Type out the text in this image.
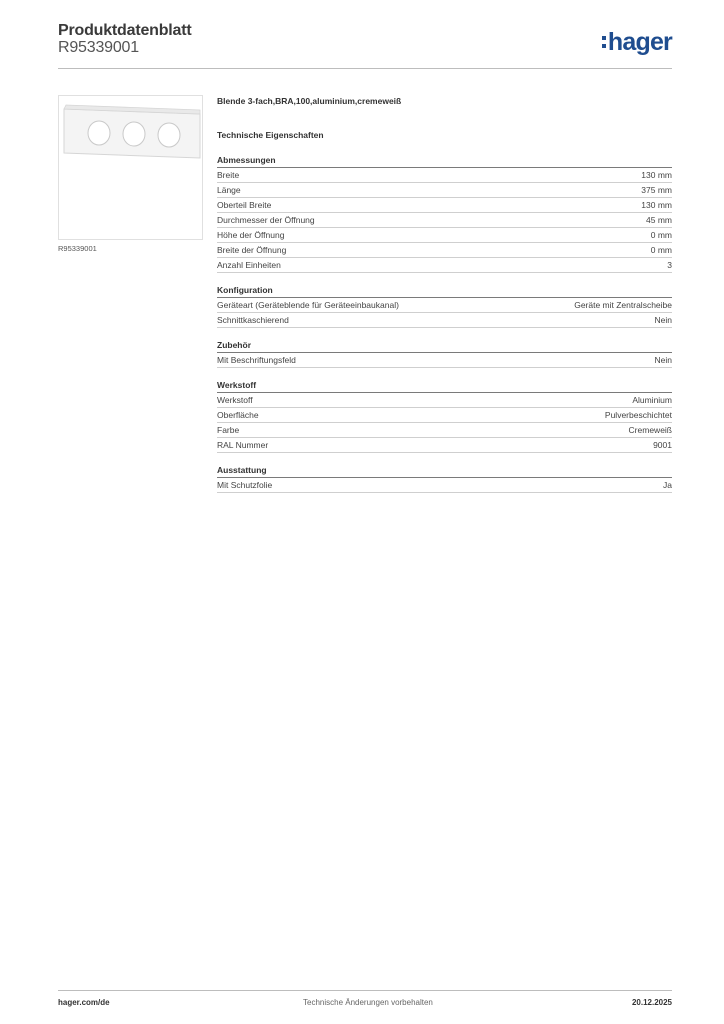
Produktdatenblatt
R95339001	hager
R95339001
Blende 3-fach,BRA,100,aluminium,cremeweiß
Technische Eigenschaften
Abmessungen
Breite	130 mm
Länge	375 mm
Oberteil Breite	130 mm
Durchmesser der Öffnung	45 mm
Höhe der Öffnung	0 mm
Breite der Öffnung	0 mm
Anzahl Einheiten	3
Konfiguration
Geräteart (Geräteblende für Geräteeinbaukanal)	Geräte mit Zentralscheibe
Schnittkaschierend	Nein
Zubehör
Mit Beschriftungsfeld	Nein
Werkstoff
Werkstoff	Aluminium
Oberfläche	Pulverbeschichtet
Farbe	Cremeweiß
RAL Nummer	9001
Ausstattung
Mit Schutzfolie	Ja
hager.com/de	Technische Änderungen vorbehalten	20.12.2025
